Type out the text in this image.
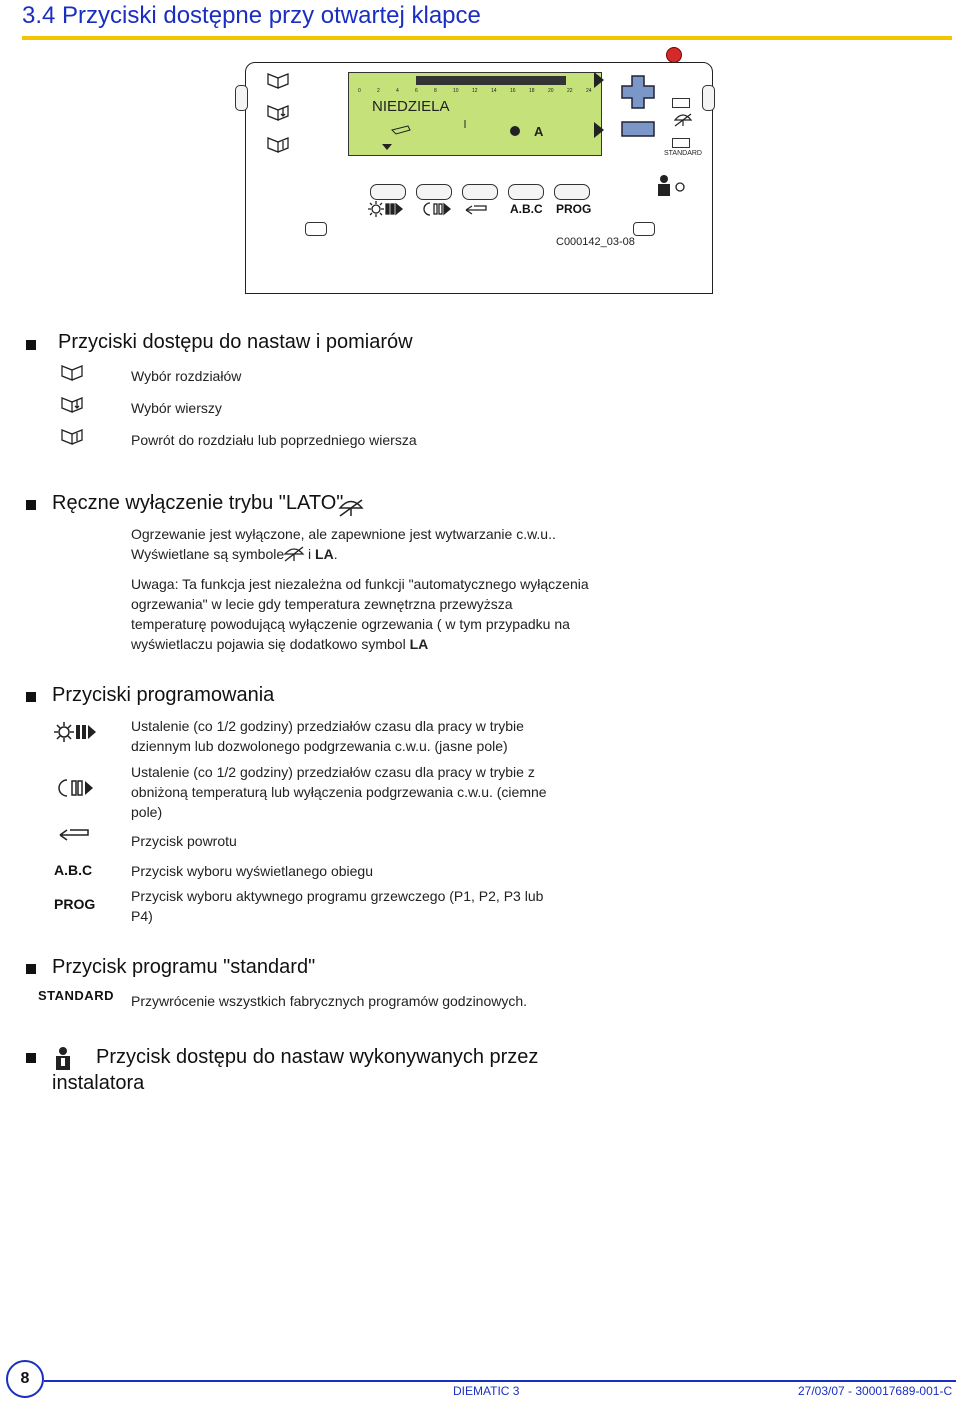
3.4 Przyciski dostępne przy otwartej klapce
0	2	4	6	8	10	12	14	16	18	20	22	24
NIEDZIELA
A
STANDARD
A.B.C PROG
C000142_03-08
Przyciski dostępu do nastaw i pomiarów
Wybór rozdziałów
Wybór wierszy
Powrót do rozdziału lub poprzedniego wiersza
Ręczne wyłączenie trybu "LATO"
Ogrzewanie jest wyłączone, ale zapewnione jest wytwarzanie c.w.u..
Wyświetlane są symbole i LA.
Uwaga: Ta funkcja jest niezależna od funkcji "automatycznego wyłączenia
ogrzewania" w lecie gdy temperatura zewnętrzna przewyższa
temperaturę powodującą wyłączenie ogrzewania ( w tym przypadku na
wyświetlaczu pojawia się dodatkowo symbol LA
Przyciski programowania
Ustalenie (co 1/2 godziny) przedziałów czasu dla pracy w trybie
dziennym lub dozwolonego podgrzewania c.w.u. (jasne pole)
Ustalenie (co 1/2 godziny) przedziałów czasu dla pracy w trybie z
obniżoną temperaturą lub wyłączenia podgrzewania c.w.u. (ciemne
pole)
Przycisk powrotu
A.B.C	Przycisk wyboru wyświetlanego obiegu
PROG	Przycisk wyboru aktywnego programu grzewczego (P1, P2, P3 lub
P4)
Przycisk programu "standard"
STANDARD Przywrócenie wszystkich fabrycznych programów godzinowych.
Przycisk dostępu do nastaw wykonywanych przez
instalatora
8
DIEMATIC 3	27/03/07 - 300017689-001-C
